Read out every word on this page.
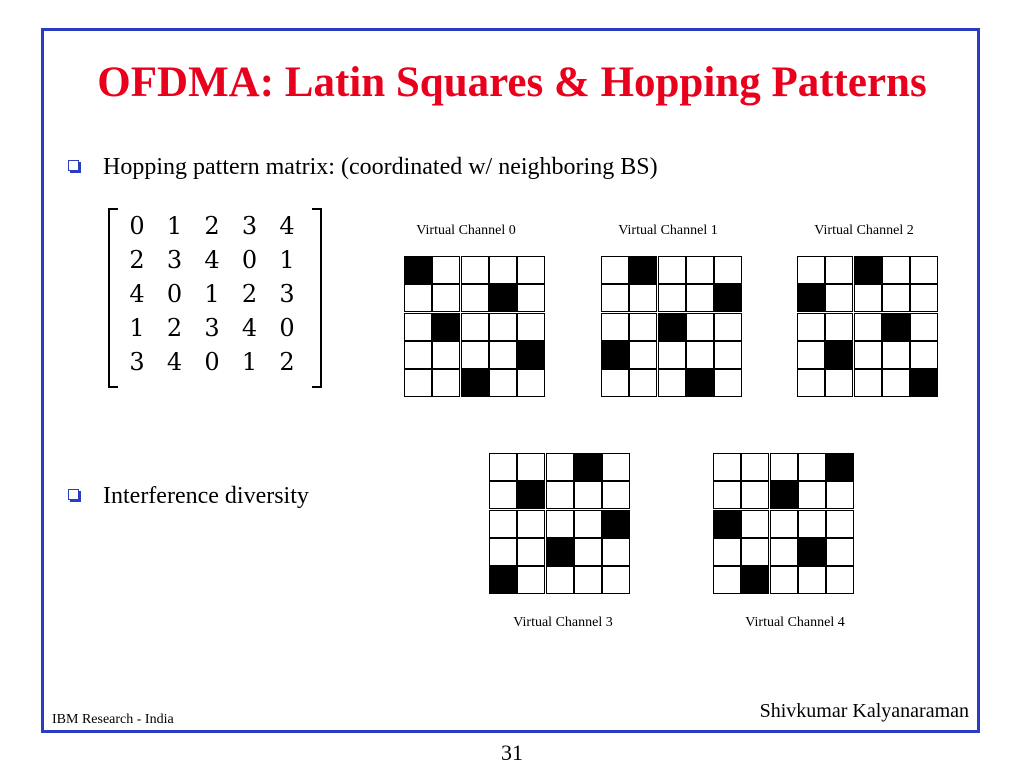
OFDMA: Latin Squares & Hopping Patterns
Hopping pattern matrix: (coordinated w/ neighboring BS)
Interference diversity
0 1 2 3 4
2 3 4 0 1
4 0 1 2 3
1 2 3 4 0
3 4 0 1 2
Virtual Channel 0	Virtual Channel 1	Virtual Channel 2
Virtual Channel 3	Virtual Channel 4
IBM Research - India	Shivkumar Kalyanaraman
31
